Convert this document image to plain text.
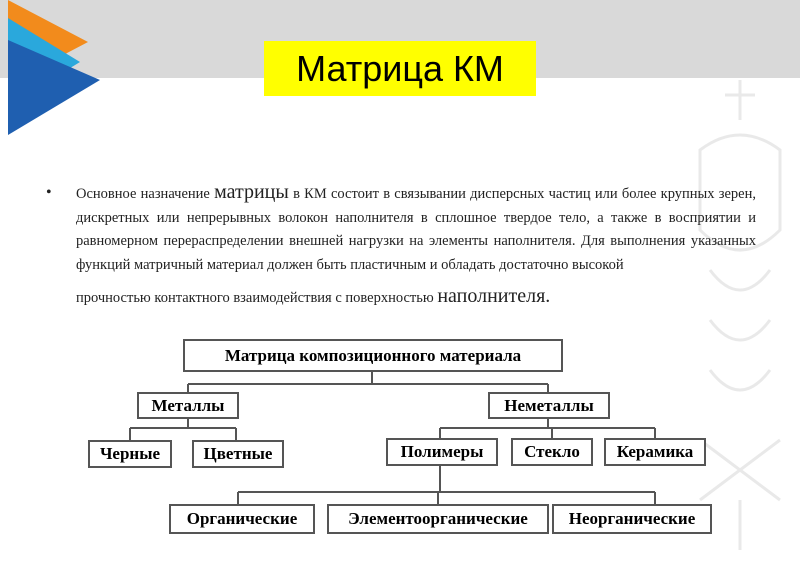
Матрица КМ
• Основное назначение матрицы в КМ состоит в связывании дисперсных частиц или более крупных зерен, дискретных или непрерывных волокон наполнителя в сплошное твердое тело, а также в восприятии и равномерном перераспределении внешней нагрузки на элементы наполнителя. Для выполнения указанных функций матричный материал должен быть пластичным и обладать достаточно высокой
прочностью контактного взаимодействия с поверхностью наполнителя.
Матрица композиционного материала
Металлы	Неметаллы
Черные	Цветные	Полимеры	Стекло	Керамика
Органические	Элементоорганические	Неорганические
